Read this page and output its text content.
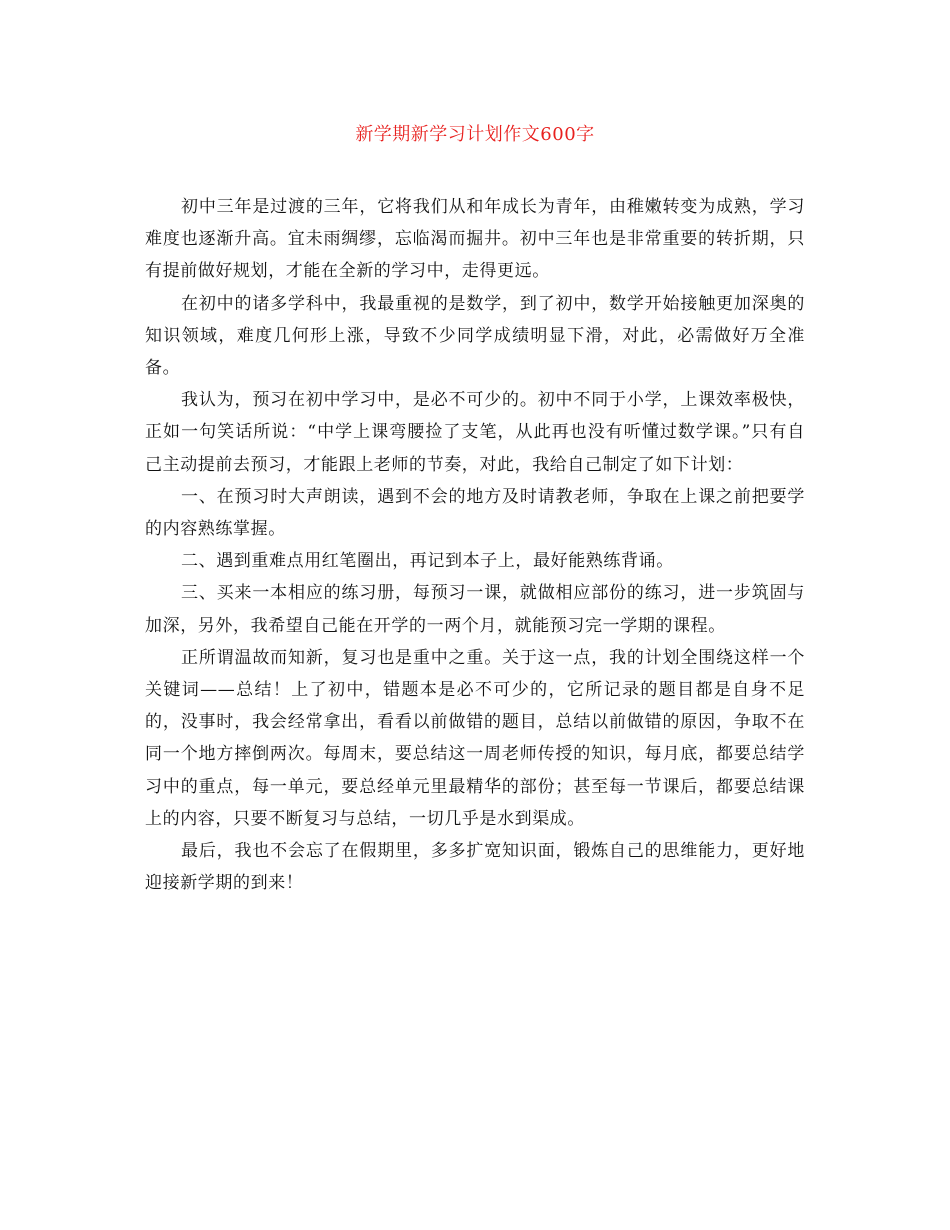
新学期新学习计划作文600字

初中三年是过渡的三年，它将我们从和年成长为青年，由稚嫩转变为成熟，学习难度也逐渐升高。宜未雨绸缪，忘临渴而掘井。初中三年也是非常重要的转折期，只有提前做好规划，才能在全新的学习中，走得更远。

在初中的诸多学科中，我最重视的是数学，到了初中，数学开始接触更加深奥的知识领域，难度几何形上涨，导致不少同学成绩明显下滑，对此，必需做好万全准备。

我认为，预习在初中学习中，是必不可少的。初中不同于小学，上课效率极快，正如一句笑话所说：“中学上课弯腰捡了支笔，从此再也没有听懂过数学课。”只有自己主动提前去预习，才能跟上老师的节奏，对此，我给自己制定了如下计划：

一、在预习时大声朗读，遇到不会的地方及时请教老师，争取在上课之前把要学的内容熟练掌握。

二、遇到重难点用红笔圈出，再记到本子上，最好能熟练背诵。

三、买来一本相应的练习册，每预习一课，就做相应部份的练习，进一步筑固与加深，另外，我希望自己能在开学的一两个月，就能预习完一学期的课程。

正所谓温故而知新，复习也是重中之重。关于这一点，我的计划全围绕这样一个关键词——总结！上了初中，错题本是必不可少的，它所记录的题目都是自身不足的，没事时，我会经常拿出，看看以前做错的题目，总结以前做错的原因，争取不在同一个地方摔倒两次。每周末，要总结这一周老师传授的知识，每月底，都要总结学习中的重点，每一单元，要总经单元里最精华的部份；甚至每一节课后，都要总结课上的内容，只要不断复习与总结，一切几乎是水到渠成。

最后，我也不会忘了在假期里，多多扩宽知识面，锻炼自己的思维能力，更好地迎接新学期的到来！
